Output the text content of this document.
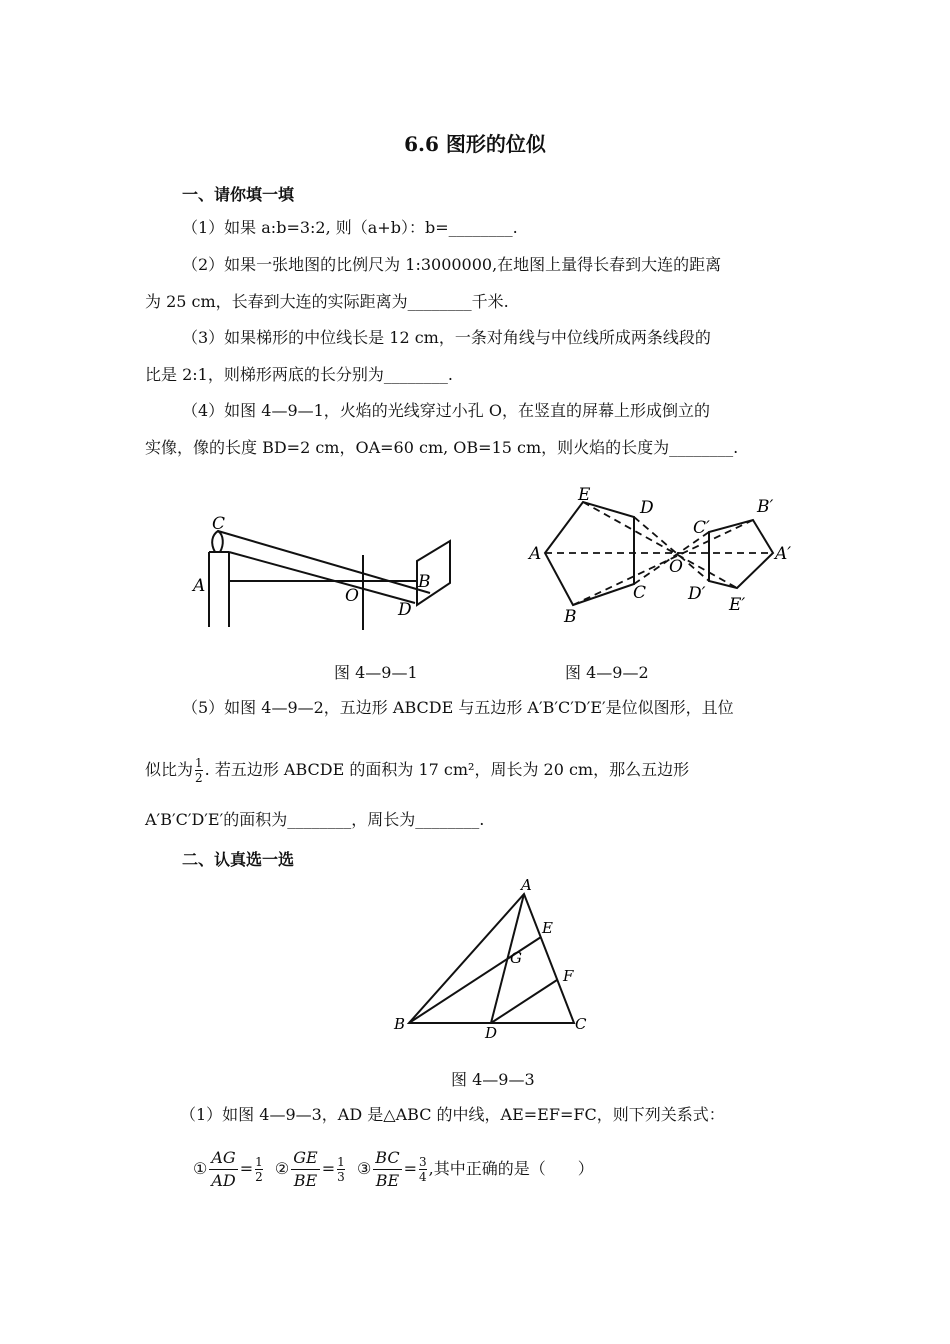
6.6 图形的位似
一、请你填一填
（1）如果 a:b=3:2, 则（a+b）：b=________.
（2）如果一张地图的比例尺为 1:3000000,在地图上量得长春到大连的距离
为 25 cm，长春到大连的实际距离为________千米.
（3）如果梯形的中位线长是 12 cm，一条对角线与中位线所成两条线段的
比是 2:1，则梯形两底的长分别为________.
（4）如图 4—9—1，火焰的光线穿过小孔 O，在竖直的屏幕上形成倒立的
实像，像的长度 BD=2 cm，OA=60 cm, OB=15 cm，则火焰的长度为________.
C
A	O
B
D
E
D
A
B
C
O
C′
B′
A′
D′
E′
图 4—9—1	图 4—9—2
（5）如图 4—9—2，五边形 ABCDE 与五边形 A′B′C′D′E′是位似图形，且位
似比为 $\frac{1}{2}$ . 若五边形 ABCDE 的面积为 17 cm²，周长为 20 cm，那么五边形
A′B′C′D′E′的面积为________，周长为________.
二、认真选一选
A
E
G
F
B	D	C
图 4—9—3
（1）如图 4—9—3，AD 是△ABC 的中线，AE=EF=FC，则下列关系式：
① $\frac{AG}{AD} = \frac{1}{2}$ ② $\frac{GE}{BE} = \frac{1}{3}$ ③ $\frac{BC}{BE} = \frac{3}{4}$ ,其中正确的是（　　）
